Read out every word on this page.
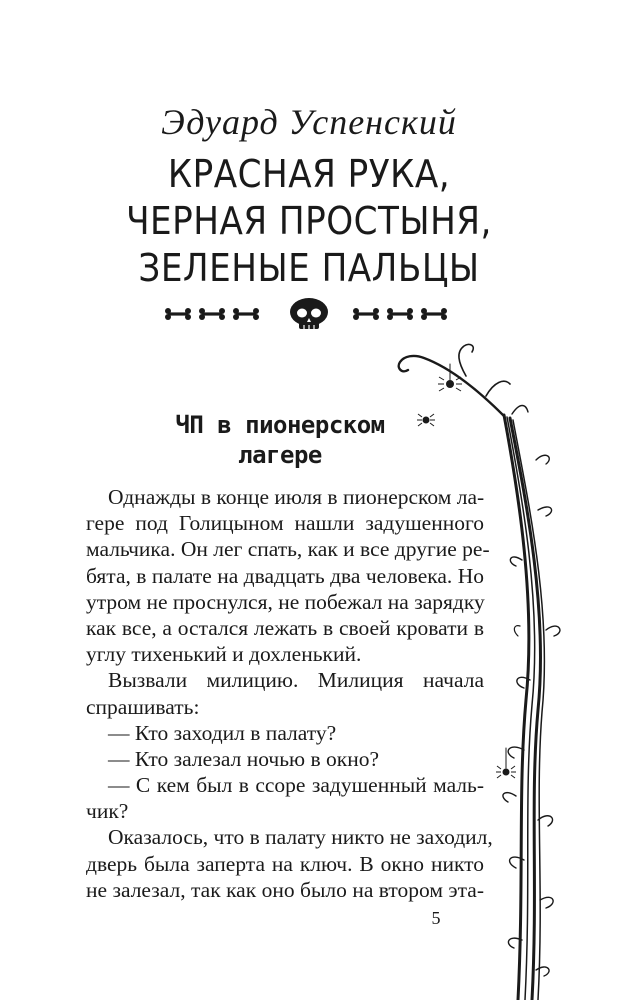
Эдуард Успенский
КРАСНАЯ РУКА,
ЧЕРНАЯ ПРОСТЫНЯ,
ЗЕЛЕНЫЕ ПАЛЬЦЫ
ЧП в пионерском
лагере
Однажды в конце июля в пионерском ла-
гере под Голицыном нашли задушенного
мальчика. Он лег спать, как и все другие ре-
бята, в палате на двадцать два человека. Но
утром не проснулся, не побежал на зарядку
как все, а остался лежать в своей кровати в
углу тихенький и дохленький.
Вызвали милицию. Милиция начала
спрашивать:
— Кто заходил в палату?
— Кто залезал ночью в окно?
— С кем был в ссоре задушенный маль-
чик?
Оказалось, что в палату никто не заходил,
дверь была заперта на ключ. В окно никто
не залезал, так как оно было на втором эта-
5
